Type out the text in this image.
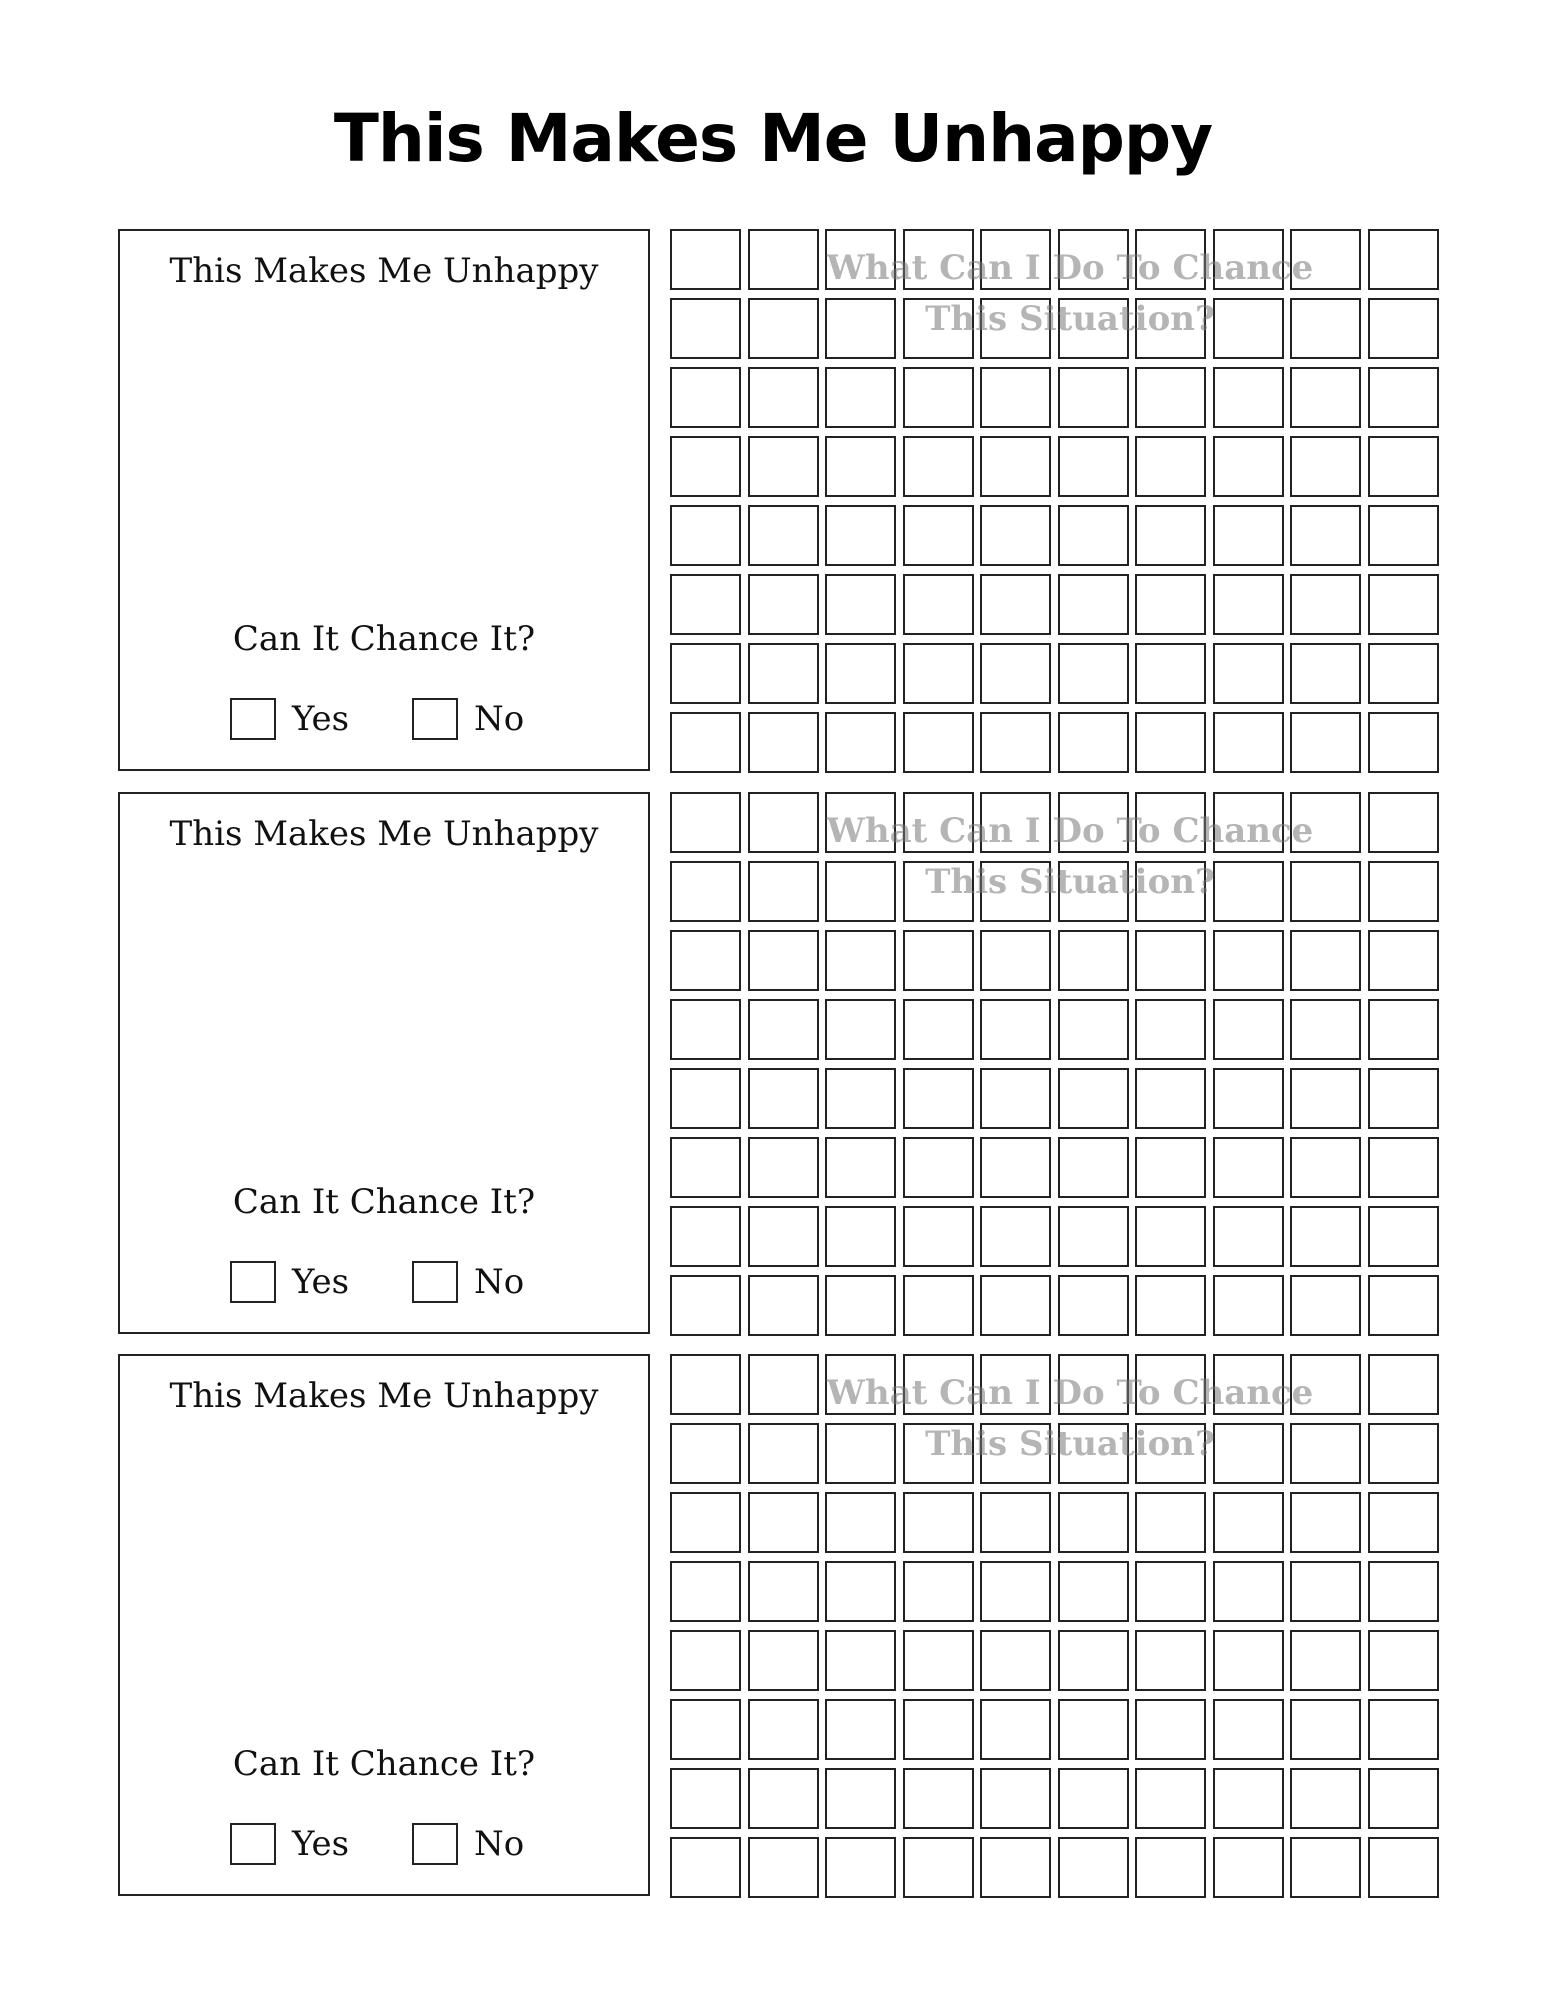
This Makes Me Unhappy
This Makes Me Unhappy
Can It Chance It?
Yes	No
What Can I Do To Chance
This Situation?
This Makes Me Unhappy
Can It Chance It?
Yes	No
What Can I Do To Chance
This Situation?
This Makes Me Unhappy
Can It Chance It?
Yes	No
What Can I Do To Chance
This Situation?
